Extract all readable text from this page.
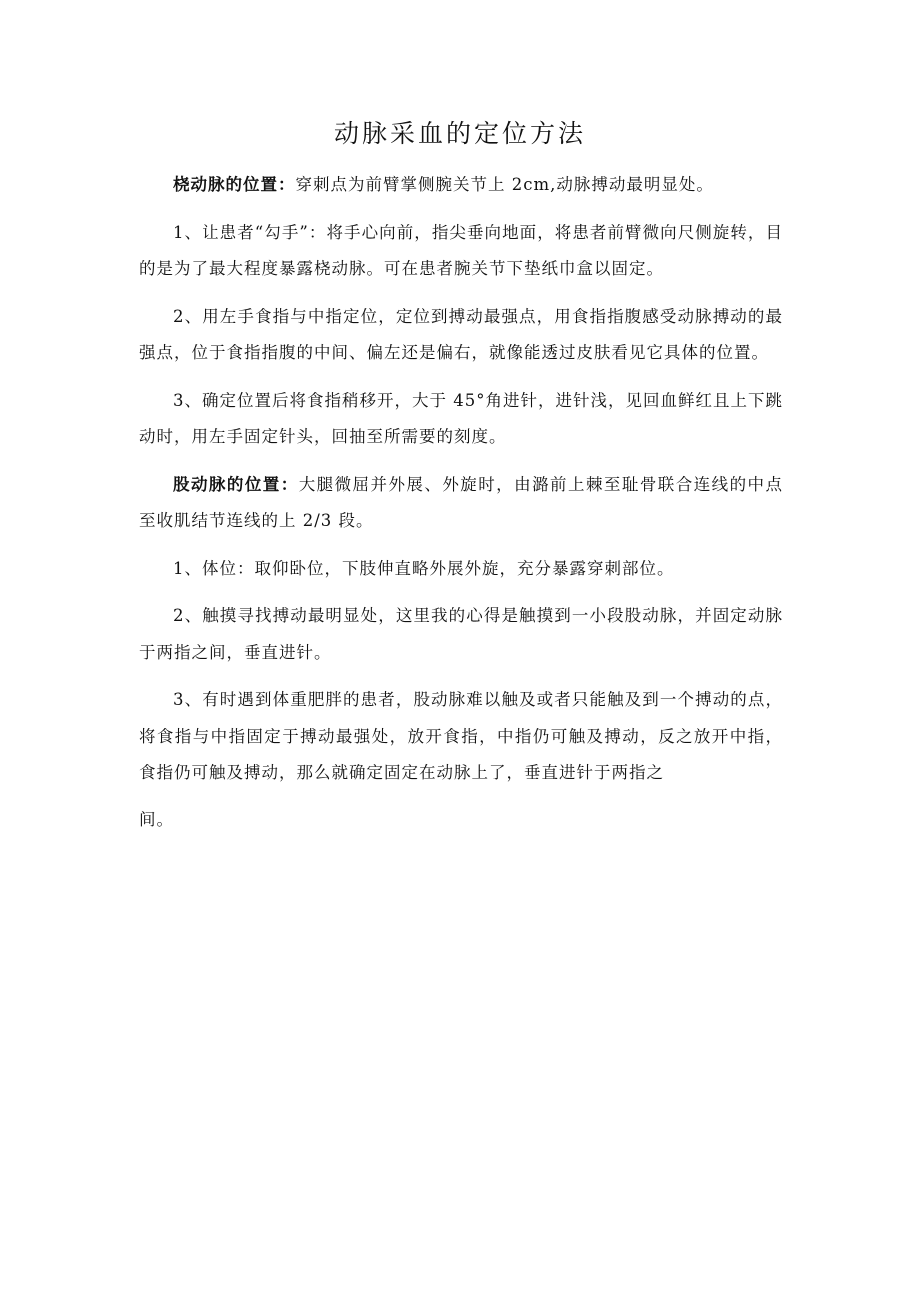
动脉采血的定位方法

桡动脉的位置：穿刺点为前臂掌侧腕关节上 2cm,动脉搏动最明显处。

1、让患者“勾手”：将手心向前，指尖垂向地面，将患者前臂微向尺侧旋转，目的是为了最大程度暴露桡动脉。可在患者腕关节下垫纸巾盒以固定。

2、用左手食指与中指定位，定位到搏动最强点，用食指指腹感受动脉搏动的最强点，位于食指指腹的中间、偏左还是偏右，就像能透过皮肤看见它具体的位置。

3、确定位置后将食指稍移开，大于 45°角进针，进针浅，见回血鲜红且上下跳动时，用左手固定针头，回抽至所需要的刻度。

股动脉的位置：大腿微屈并外展、外旋时，由潞前上棘至耻骨联合连线的中点至收肌结节连线的上 2/3 段。

1、体位：取仰卧位，下肢伸直略外展外旋，充分暴露穿刺部位。

2、触摸寻找搏动最明显处，这里我的心得是触摸到一小段股动脉，并固定动脉于两指之间，垂直进针。

3、有时遇到体重肥胖的患者，股动脉难以触及或者只能触及到一个搏动的点，将食指与中指固定于搏动最强处，放开食指，中指仍可触及搏动，反之放开中指，食指仍可触及搏动，那么就确定固定在动脉上了，垂直进针于两指之

间。
